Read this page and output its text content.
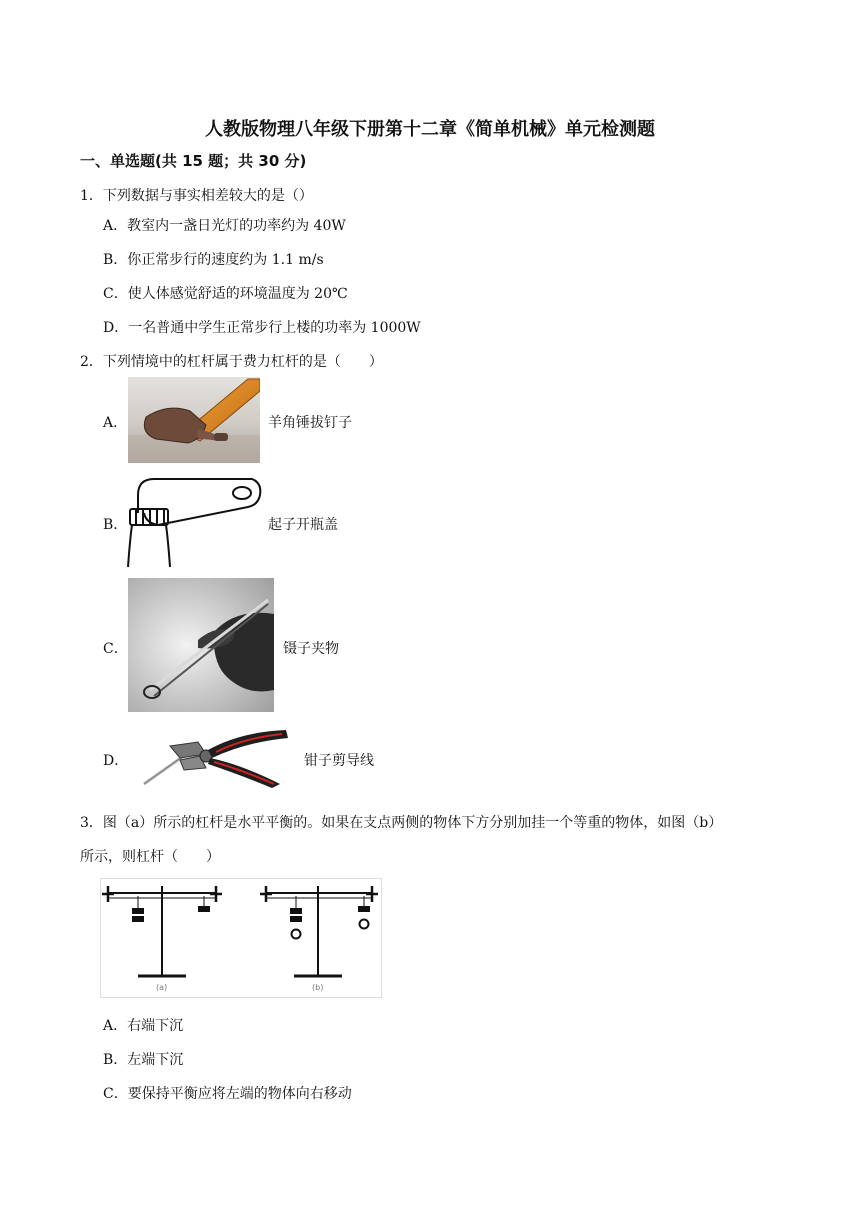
人教版物理八年级下册第十二章《简单机械》单元检测题
一、单选题(共 15 题；共 30 分)
1．下列数据与事实相差较大的是（）
A．教室内一盏日光灯的功率约为 40W
B．你正常步行的速度约为 1.1 m/s
C．使人体感觉舒适的环境温度为 20℃
D．一名普通中学生正常步行上楼的功率为 1000W
2．下列情境中的杠杆属于费力杠杆的是（　　）
A．	羊角锤拔钉子
B．	起子开瓶盖
C．	镊子夹物
D．	钳子剪导线
3．图（a）所示的杠杆是水平平衡的。如果在支点两侧的物体下方分别加挂一个等重的物体，如图（b）
所示，则杠杆（　　）
(a)	(b)
A．右端下沉
B．左端下沉
C．要保持平衡应将左端的物体向右移动
